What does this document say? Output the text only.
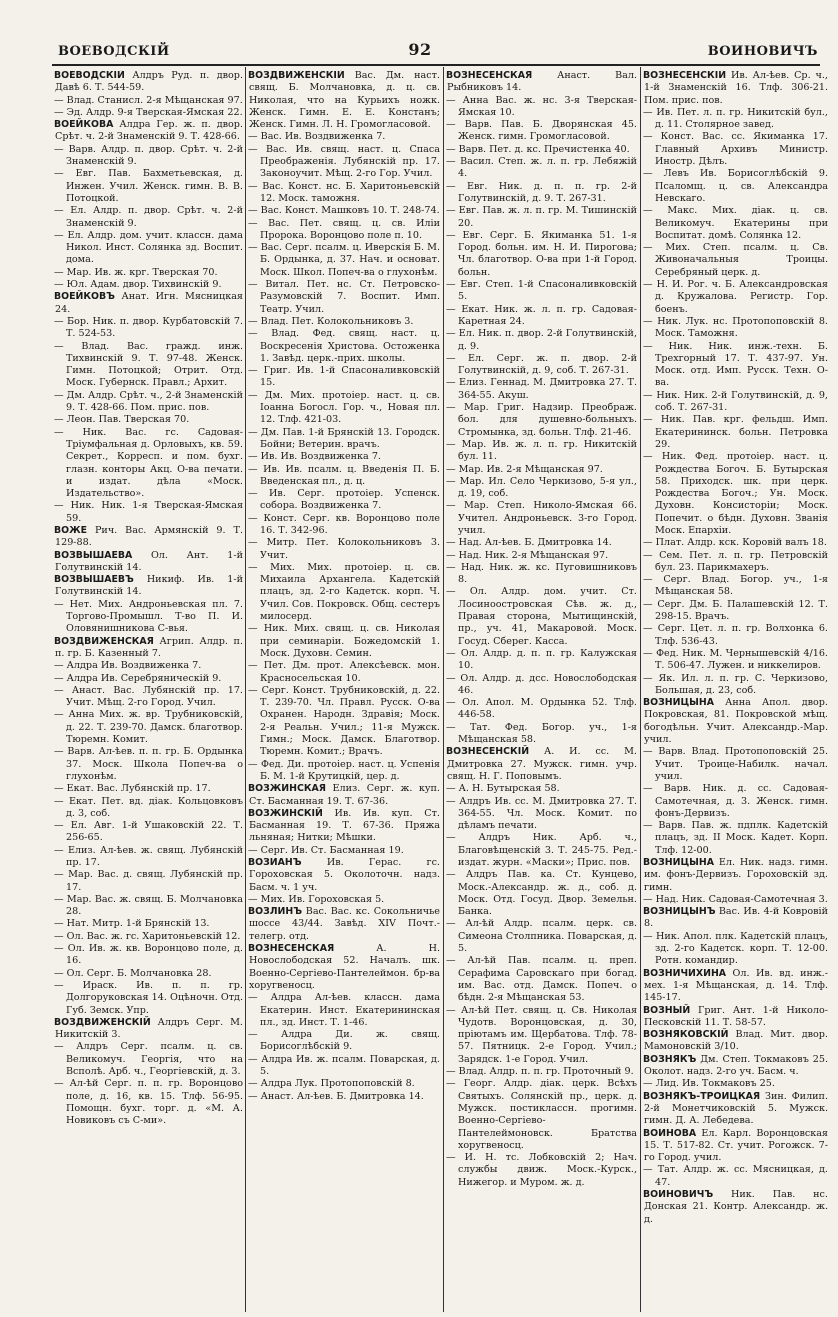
ВОЕВОДСКІЙ	92	ВОИНОВИЧЪ

ВОЕВОДСКІЙ Алдръ Руд. п. двор. Давѣ 6. Т. 544-59.

— Влад. Станисл. 2-я Мѣщанская 97.

— Эд. Алдр. 9-я Тверская-Ямская 22.

ВОЕЙКОВА Алдра Гер. ж. п. двор. Срѣт. ч. 2-й Знаменскій 9. Т. 428-66.

— Варв. Алдр. п. двор. Срѣт. ч. 2-й Знаменскій 9.

— Евг. Пав. Бахметьевская, д. Инжен. Учил. Женск. гимн. В. В. Потоцкой.

— Ел. Алдр. п. двор. Срѣт. ч. 2-й Знаменскій 9.

— Ел. Алдр. дом. учит. классн. дама Никол. Инст. Солянка зд. Воспит. дома.

— Мар. Ив. ж. крг. Тверская 70.

— Юл. Адам. двор. Тихвинскій 9.

ВОЕЙКОВЪ Анат. Игн. Мясницкая 24.

— Бор. Ник. п. двор. Курбатовскій 7. Т. 524-53.

— Влад. Вас. гражд. инж. Тихвинскій 9. Т. 97-48. Женск. Гимн. Потоцкой; Отрит. Отд. Моск. Губернск. Правл.; Архит.

— Дм. Алдр. Срѣт. ч., 2-й Знаменскій 9. Т. 428-66. Пом. прис. пов.

— Леон. Пав. Тверская 70.

— Ник. Вас. гс. Садовая-Тріумфальная д. Орловыхъ, кв. 59. Секрет., Корресп. и пом. бухг. глазн. конторы Акц. О-ва печати. и издат. дѣла «Моск. Издательство».

— Ник. Ник. 1-я Тверская-Ямская 59.

ВОЖЕ Рич. Вас. Армянскій 9. Т. 129-88.

ВОЗВЫШАЕВА Ол. Ант. 1-й Голутвинскій 14.

ВОЗВЫШАЕВЪ Никиф. Ив. 1-й Голутвинскій 14.

— Нет. Мих. Андроньевская пл. 7. Торгово-Промышл. Т-во П. И. Оловянишникова С-вья.

ВОЗДВИЖЕНСКАЯ Агрип. Алдр. п. п. гр. Б. Казенный 7.

— Алдра Ив. Воздвиженка 7.

— Алдра Ив. Серебряническій 9.

— Анаст. Вас. Лубянскій пр. 17. Учит. Мѣщ. 2-го Город. Учил.

— Анна Мих. ж. вр. Трубниковскій, д. 22. Т. 239-70. Дамск. благотвор. Тюремн. Комит.

— Варв. Ал-ѣев. п. п. гр. Б. Ордынка 37. Моск. Школа Попеч-ва о глухонѣм.

— Екат. Вас. Лубянскій пр. 17.

— Екат. Пет. вд. діак. Кольцовковъ д. 3, соб.

— Ел. Авг. 1-й Ушаковскій 22. Т. 256-65.

— Елиз. Ал-ѣев. ж. свящ. Лубянскій пр. 17.

— Мар. Вас. д. свящ. Лубянскій пр. 17.

— Мар. Вас. ж. свящ. Б. Молчановка 28.

— Нат. Митр. 1-й Брянскій 13.

— Ол. Вас. ж. гс. Харитоньевскій 12.

— Ол. Ив. ж. кв. Воронцово поле, д. 16.

— Ол. Серг. Б. Молчановка 28.

— Ираск. Ив. п. п. гр. Долгоруковская 14. Оцѣночн. Отд. Губ. Земск. Упр.

ВОЗДВИЖЕНСКІЙ Алдръ Серг. М. Никитскій 3.

— Алдръ Серг. псалм. ц. св. Великомуч. Георгія, что на Всполѣ. Арб. ч., Георгіевскій, д. 3.

— Ал-ѣй Серг. п. п. гр. Воронцово поле, д. 16, кв. 15. Тлф. 56-95. Помощн. бухг. торг. д. «М. А. Новиковъ съ С-ми».

ВОЗДВИЖЕНСКІЙ Вас. Дм. наст. свящ. Б. Молчановка, д. ц. св. Николая, что на Курьихъ ножк. Женск. Гимн. Е. Е. Констанъ; Женск. Гимн. Л. Н. Громогласовой.

— Вас. Ив. Воздвиженка 7.

— Вас. Ив. свящ. наст. ц. Спаса Преображенія. Лубянскій пр. 17. Законоучит. Мѣщ. 2-го Гор. Учил.

— Вас. Конст. нс. Б. Харитоньевскій 12. Моск. таможня.

— Вас. Конст. Машковъ 10. Т. 248-74.

— Вас. Пет. свящ. ц. св. Иліи Пророка. Воронцово поле п. 10.

— Вас. Серг. псалм. ц. Иверскія Б. М. Б. Ордынка, д. 37. Нач. и основат. Моск. Школ. Попеч-ва о глухонѣм.

— Витал. Пет. нс. Ст. Петровско-Разумовскій 7. Воспит. Имп. Театр. Учил.

— Влад. Пет. Колокольниковъ 3.

— Влад. Фед. свящ. наст. ц. Воскресенія Христова. Остоженка 1. Завѣд. церк.-прих. школы.

— Григ. Ив. 1-й Спасоналивковскій 15.

— Дм. Мих. протоіер. наст. ц. св. Іоанна Богосл. Гор. ч., Новая пл. 12. Тлф. 421-03.

— Дм. Пав. 1-й Брянскій 13. Городск. Бойни; Ветерин. врачъ.

— Ив. Ив. Воздвиженка 7.

— Ив. Ив. псалм. ц. Введенія П. Б. Введенская пл., д. ц.

— Ив. Серг. протоіер. Успенск. собора. Воздвиженка 7.

— Конст. Серг. кв. Воронцово поле 16. Т. 342-96.

— Митр. Пет. Колокольниковъ 3. Учит.

— Мих. Мих. протоіер. ц. св. Михаила Архангела. Кадетскій плацъ, зд. 2-го Кадетск. корп. Ч. Учил. Сов. Покровск. Общ. сестеръ милосерд.

— Ник. Мих. свящ. ц. св. Николая при семинаріи. Божедомскій 1. Моск. Духовн. Семин.

— Пет. Дм. прот. Алексѣевск. мон. Красносельская 10.

— Серг. Конст. Трубниковскій, д. 22. Т. 239-70. Чл. Правл. Русск. О-ва Охранен. Народн. Здравія; Моск. 2-я Реальн. Учил.; 11-я Мужск. Гимн.; Моск. Дамск. Благотвор. Тюремн. Комит.; Врачъ.

— Фед. Ди. протоіер. наст. ц. Успенія Б. М. 1-й Крутицкій, цер. д.

ВОЗЖИНСКАЯ Елиз. Серг. ж. куп. Ст. Басманная 19. Т. 67-36.

ВОЗЖИНСКІЙ Ив. Ив. куп. Ст. Басманная 19. Т. 67-36. Пряжа льняная; Нитки; Мѣшки.

— Серг. Ив. Ст. Басманная 19.

ВОЗИАНЪ	Ив. Герас. гс. Гороховская 5. Околоточн. надз. Басм. ч. 1 уч.

— Мих. Ив. Гороховская 5.

ВОЗЛИНЪ Вас. Вас. кс. Сокольничье шоссе 43/44. Завѣд. XIV Почт.-телегр. отд.

ВОЗНЕСЕНСКАЯ	А. Н. Новослободская 52. Началъ. шк. Военно-Сергіево-Пантелеймон. бр-ва хоругвеносц.

— Алдра Ал-ѣев. классн. дама Екатерин. Инст. Екатерининская пл., зд. Инст. Т. 1-46.

— Алдра Ди. ж. свящ. Борисоглѣбскій 9.

— Алдра Ив. ж. псалм. Поварская, д. 5.

— Алдра Лук. Протопоповскій 8.

— Анаст. Ал-ѣев. Б. Дмитровка 14.

ВОЗНЕСЕНСКАЯ	Анаст. Вал. Рыбниковъ 14.

— Анна Вас. ж. нс. 3-я Тверская-Ямская 10.

— Варв. Пав. Б. Дворянская 45. Женск. гимн. Громогласовой.

— Варв. Пет. д. кс. Пречистенка 40.

— Васил. Степ. ж. л. п. гр. Лебяжій 4.

— Евг. Ник. д. п. п. гр. 2-й Голутвинскій, д. 9. Т. 267-31.

— Евг. Пав. ж. л. п. гр. М. Тишинскій 20.

— Евг. Серг. Б. Якиманка 51. 1-я Город. больн. им. Н. И. Пирогова; Чл. благотвор. О-ва при 1-й Город. больн.

— Евг. Степ. 1-й Спасоналивковскій 5.

— Екат. Ник. ж. л. п. гр. Садовая-Каретная 24.

— Ел. Ник. п. двор. 2-й Голутвинскій, д. 9.

— Ел. Серг. ж. п. двор. 2-й Голутвинскій, д. 9, соб. Т. 267-31.

— Елиз. Геннад. М. Дмитровка 27. Т. 364-55. Акуш.

— Мар. Григ. Надзир. Преображ. бол. для душевно-больныхъ. Стромынка, зд. больн. Тлф. 21-46.

— Мар. Ив. ж. л. п. гр. Никитскій бул. 11.

— Мар. Ив. 2-я Мѣщанская 97.

— Мар. Ил. Село Черкизово, 5-я ул., д. 19, соб.

— Мар. Степ. Николо-Ямская 66. Учител. Андроньевск. 3-го Город. учил.

— Над. Ал-ѣев. Б. Дмитровка 14.

— Над. Ник. 2-я Мѣщанская 97.

— Над. Ник. ж. кс. Пуговишниковъ 8.

— Ол. Алдр. дом. учит. Ст. Лосиноостровская Сѣв. ж. д., Правая сторона, Мытищинскій, пр., уч. 41, Макаровой. Моск. Госуд. Сберег. Касса.

— Ол. Алдр. д. п. п. гр. Калужская 10.

— Ол. Алдр. д. дсс. Новослободская 46.

— Ол. Апол. М. Ордынка 52. Тлф. 446-58.

— Тат. Фед. Богор. уч., 1-я Мѣщанская 58.

ВОЗНЕСЕНСКІЙ А. И. сс. М. Дмитровка 27. Мужск. гимн. учр. свящ. Н. Г. Поповымъ.

— А. Н. Бутырская 58.

— Алдръ Ив. сс. М. Дмитровка 27. Т. 364-55. Чл. Моск. Комит. по дѣламъ печати.

— Алдръ Ник. Арб. ч., Благовѣщенскій 3. Т. 245-75. Ред.-издат. журн. «Маски»; Прис. пов.

— Алдръ Пав. ка. Ст. Кунцево, Моск.-Александр. ж. д., соб. д. Моск. Отд. Госуд. Двор. Земельн. Банка.

— Ал-ѣй Алдр. псалм. церк. св. Симеона Столпника. Поварская, д. 5.

— Ал-ѣй Пав. псалм. ц. преп. Серафима Саровскаго при богад. им. Вас. отд. Дамск. Попеч. о бѣдн. 2-я Мѣщанская 53.

— Ал-ѣй Пет. свящ. ц. Св. Николая Чудотв. Воронцовская, д. 30, пріютамъ им. Щербатова. Тлф. 78-57. Пятницк. 2-е Город. Учил.; Зарядск. 1-е Город. Учил.

— Влад. Алдр. п. п. гр. Проточный 9.

— Георг. Алдр. діак. церк. Всѣхъ Святыхъ. Солянскій пр., церк. д. Мужск. постиклассн. прогимн. Военно-Сергіево-Пантелеймоновск. Братства хоругвеносц.

— И. Н. тс. Лобковскій 2; Нач. службы движ. Моск.-Курск., Нижегор. и Муром. ж. д.

ВОЗНЕСЕНСКІЙ Ив. Ал-ѣев. Ср. ч., 1-й Знаменскій 16. Тлф. 306-21. Пом. прис. пов.

— Ив. Пет. л. п. гр. Никитскій бул., д. 11. Столярное завед.

— Конст. Вас. сс. Якиманка 17. Главный Архивъ Министр. Иностр. Дѣлъ.

— Левъ Ив. Борисоглѣбскій 9. Псаломщ. ц. св. Александра Невскаго.

— Макс. Мих. діак. ц. св. Великомуч. Екатерины при Воспитат. домѣ. Солянка 12.

— Мих. Степ. псалм. ц. Св. Живоначальныя Троицы. Серебряный церк. д.

— Н. И. Рог. ч. Б. Александровская д. Кружалова. Регистр. Гор. боенъ.

— Ник. Лук. нс. Протопоповскій 8. Моск. Таможня.

— Ник. Ник. инж.-техн. Б. Трехгорный 17. Т. 437-97. Ун. Моск. отд. Имп. Русск. Техн. О-ва.

— Ник. Ник. 2-й Голутвинскій, д. 9, соб. Т. 267-31.

— Ник. Пав. крг. фельдш. Имп. Екатерининск. больн. Петровка 29.

— Ник. Фед. протоіер. наст. ц. Рождества Богоч. Б. Бутырская 58. Приходск. шк. при церк. Рождества Богоч.; Ун. Моск. Духовн. Консисторіи; Моск. Попечит. о бѣдн. Духовн. Званія Моск. Епархіи.

— Плат. Алдр. кск. Коровій валъ 18.

— Сем. Пет. л. п. гр. Петровскій бул. 23. Парикмахеръ.

— Серг. Влад. Богор. уч., 1-я Мѣщанская 58.

— Серг. Дм. Б. Палашевскій 12. Т. 298-15. Врачъ.

— Серг. Цет. л. п. гр. Волхонка 6. Тлф. 536-43.

— Фед. Ник. М. Чернышевскій 4/16. Т. 506-47. Лужен. и никкелиров.

— Як. Ил. л. п. гр. С. Черкизово, Большая, д. 23, соб.

ВОЗНИЦЫНА Анна Апол. двор. Покровская, 81. Покровской мѣщ. богодѣльн. Учит. Александр.-Мар. учил.

— Варв. Влад. Протопоповскій 25. Учит. Троице-Набилк. начал. учил.

— Варв. Ник. д. сс. Садовая-Самотечная, д. 3. Женск. гимн. фонъ-Дервизъ.

— Варв. Пав. ж. пдплк. Кадетскій плацъ, зд. II Моск. Кадет. Корп. Тлф. 12-00.

ВОЗНИЦЫНА Ел. Ник. надз. гимн. им. фонъ-Дервизъ. Гороховскій зд. гимн.

— Над. Ник. Садовая-Самотечная 3.

ВОЗНИЦЫНЪ Вас. Ив. 4-й Ковровій 8.

— Ник. Апол. плк. Кадетскій плацъ, зд. 2-го Кадетск. корп. Т. 12-00. Ротн. командир.

ВОЗНИЧИХИНА Ол. Ив. вд. инж.-мех. 1-я Мѣщанская, д. 14. Тлф. 145-17.

ВОЗНЫЙ Григ. Ант. 1-й Николо-Песковскій 11. Т. 58-57.

ВОЗНЯКОВСКІЙ Влад. Мит. двор. Мамоновскій 3/10.

ВОЗНЯКЪ Дм. Степ. Токмаковъ 25. Околот. надз. 2-го уч. Басм. ч.

— Лид. Ив. Токмаковъ 25.

ВОЗНЯКЪ-ТРОИЦКАЯ Зин. Филип. 2-й Монетчиковскій 5. Мужск. гимн. Д. А. Лебедева.

ВОИНОВА Ел. Карл. Воронцовская 15. Т. 517-82. Ст. учит. Рогожск. 7-го Город. учил.

— Тат. Алдр. ж. сс. Мясницкая, д. 47.

ВОИНОВИЧЪ Ник. Пав. нс. Донская 21. Контр. Александр. ж. д.
